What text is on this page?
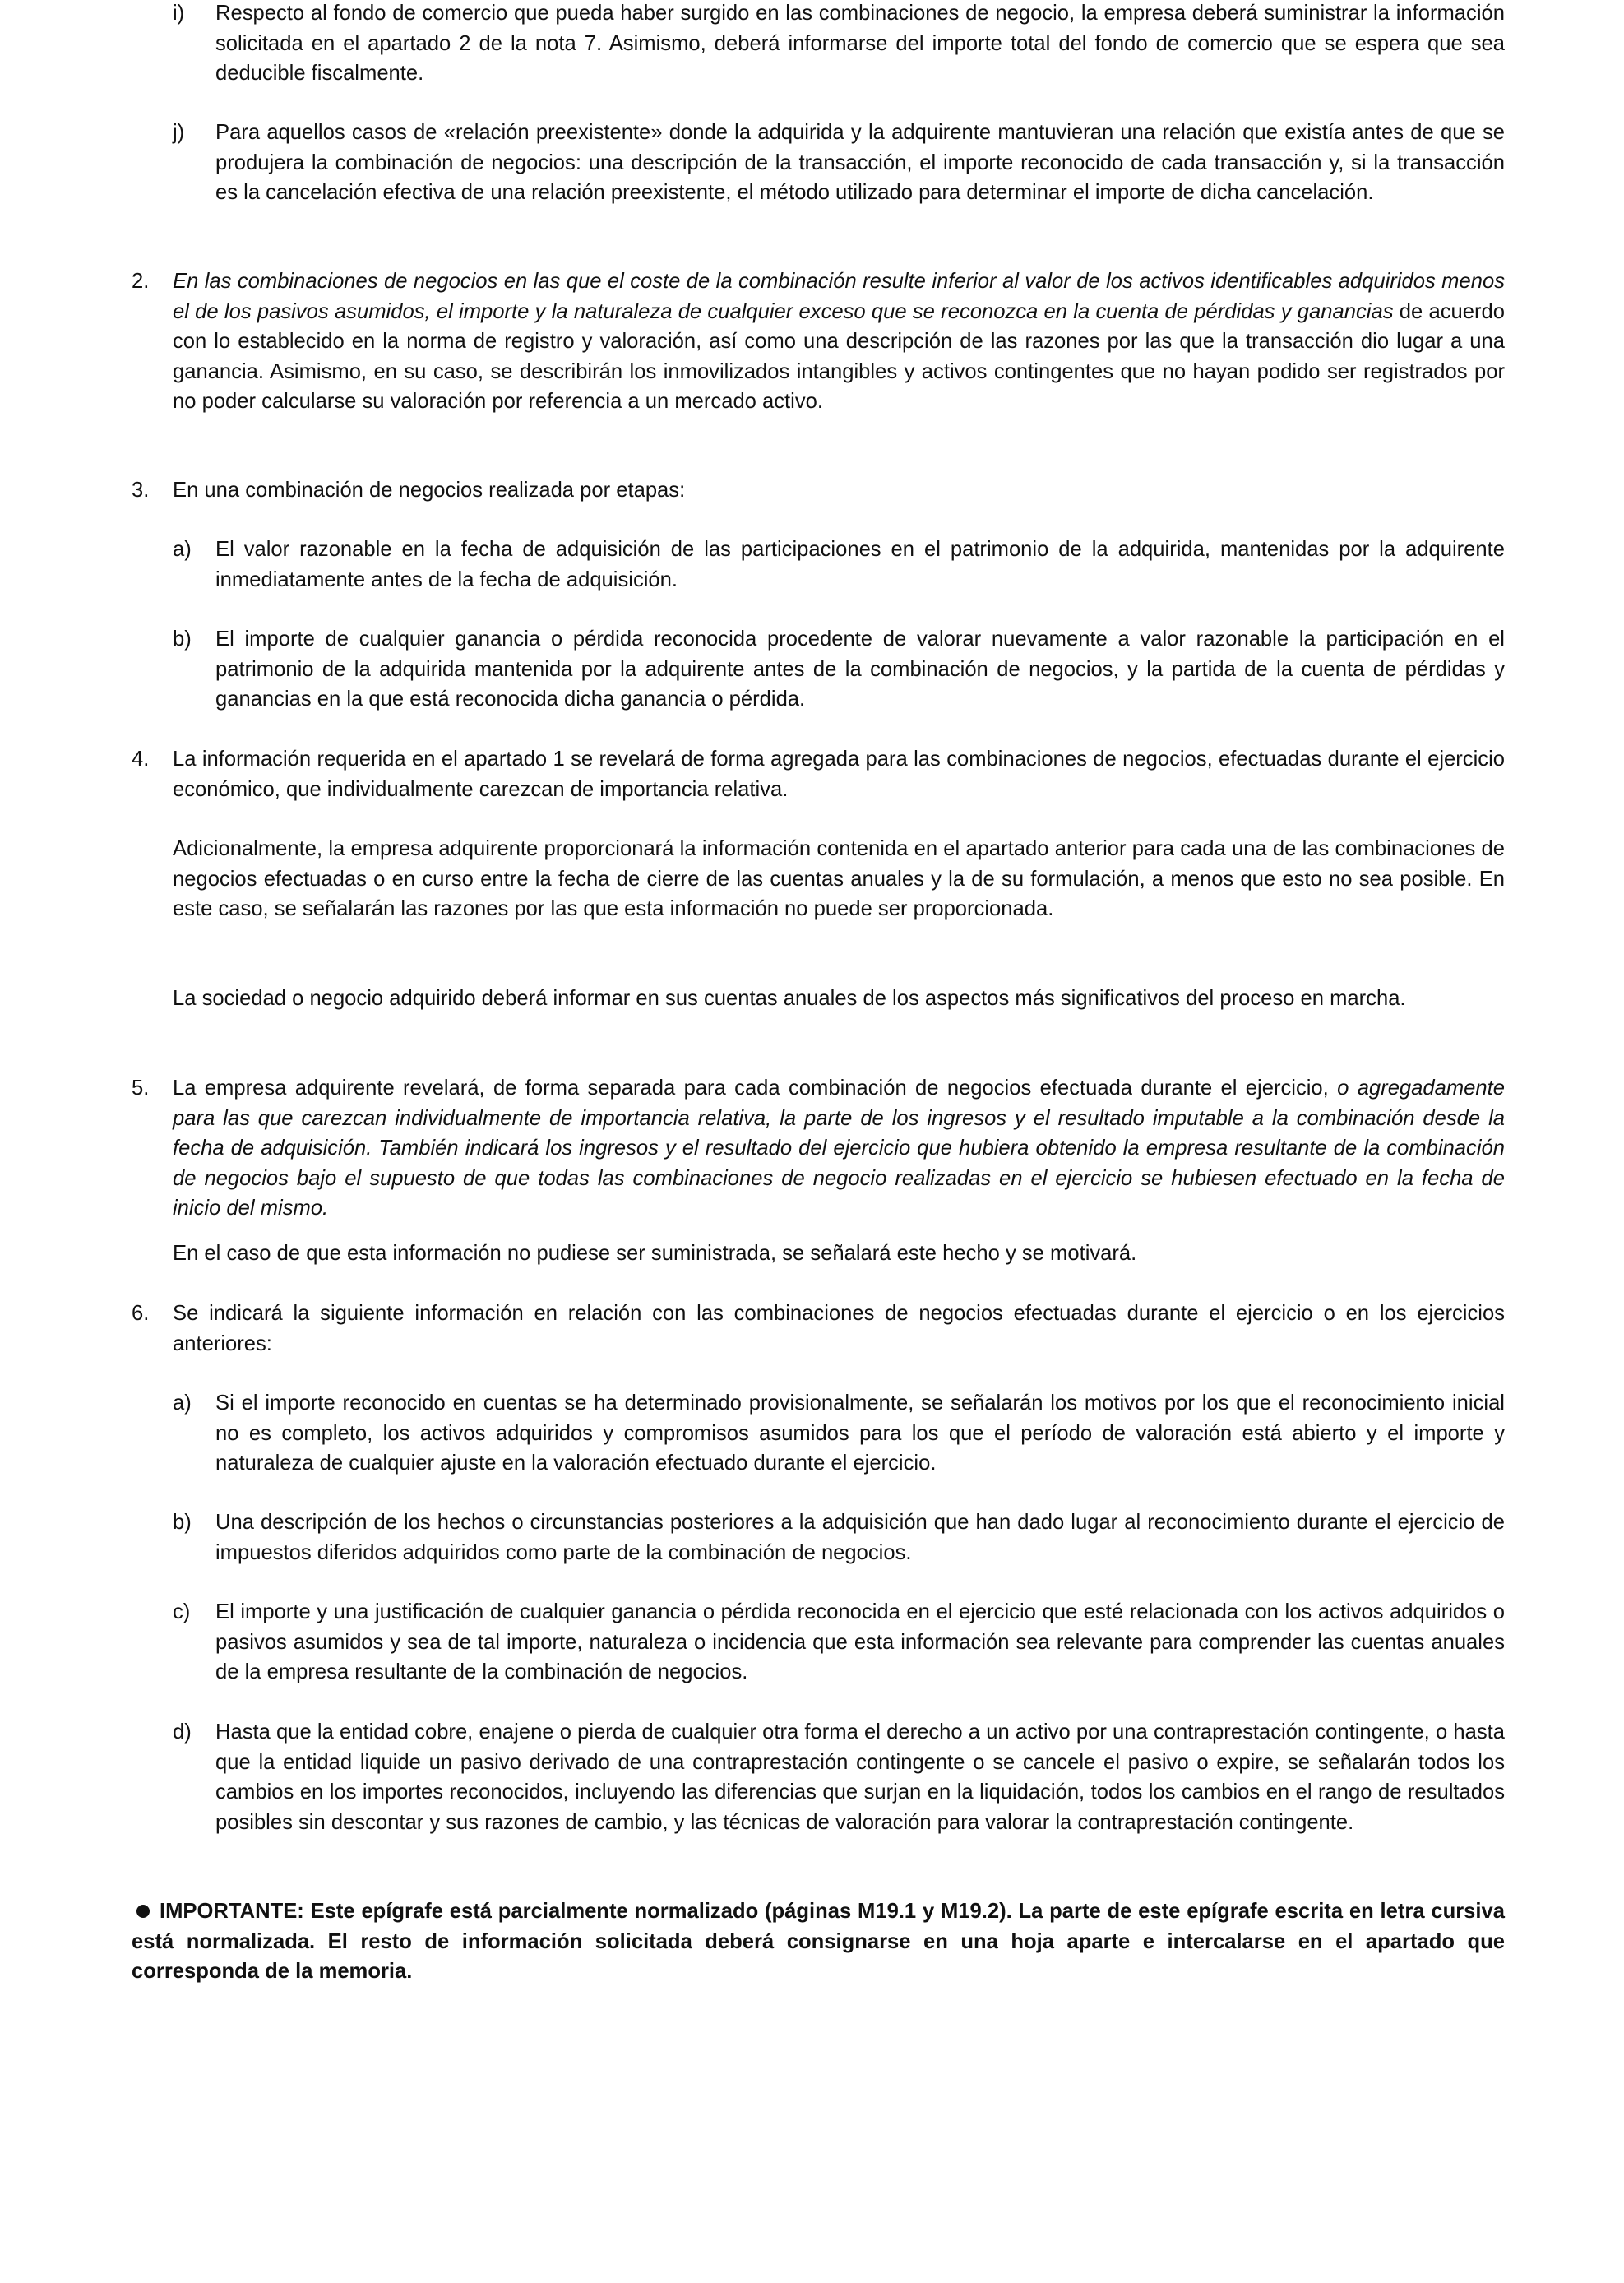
i) Respecto al fondo de comercio que pueda haber surgido en las combinaciones de negocio, la empresa deberá suministrar la información solicitada en el apartado 2 de la nota 7. Asimismo, deberá informarse del importe total del fondo de comercio que se espera que sea deducible fiscalmente.

j) Para aquellos casos de «relación preexistente» donde la adquirida y la adquirente mantuvieran una relación que existía antes de que se produjera la combinación de negocios: una descripción de la transacción, el importe reconocido de cada transacción y, si la transacción es la cancelación efectiva de una relación preexistente, el método utilizado para determinar el importe de dicha cancelación.

2. En las combinaciones de negocios en las que el coste de la combinación resulte inferior al valor de los activos identificables adquiridos menos el de los pasivos asumidos, el importe y la naturaleza de cualquier exceso que se reconozca en la cuenta de pérdidas y ganancias de acuerdo con lo establecido en la norma de registro y valoración, así como una descripción de las razones por las que la transacción dio lugar a una ganancia. Asimismo, en su caso, se describirán los inmovilizados intangibles y activos contingentes que no hayan podido ser registrados por no poder calcularse su valoración por referencia a un mercado activo.

3. En una combinación de negocios realizada por etapas:

a) El valor razonable en la fecha de adquisición de las participaciones en el patrimonio de la adquirida, mantenidas por la adquirente inmediatamente antes de la fecha de adquisición.

b) El importe de cualquier ganancia o pérdida reconocida procedente de valorar nuevamente a valor razonable la participación en el patrimonio de la adquirida mantenida por la adquirente antes de la combinación de negocios, y la partida de la cuenta de pérdidas y ganancias en la que está reconocida dicha ganancia o pérdida.

4. La información requerida en el apartado 1 se revelará de forma agregada para las combinaciones de negocios, efectuadas durante el ejercicio económico, que individualmente carezcan de importancia relativa.

Adicionalmente, la empresa adquirente proporcionará la información contenida en el apartado anterior para cada una de las combinaciones de negocios efectuadas o en curso entre la fecha de cierre de las cuentas anuales y la de su formulación, a menos que esto no sea posible. En este caso, se señalarán las razones por las que esta información no puede ser proporcionada.

La sociedad o negocio adquirido deberá informar en sus cuentas anuales de los aspectos más significativos del proceso en marcha.

5. La empresa adquirente revelará, de forma separada para cada combinación de negocios efectuada durante el ejercicio, o agregadamente para las que carezcan individualmente de importancia relativa, la parte de los ingresos y el resultado imputable a la combinación desde la fecha de adquisición. También indicará los ingresos y el resultado del ejercicio que hubiera obtenido la empresa resultante de la combinación de negocios bajo el supuesto de que todas las combinaciones de negocio realizadas en el ejercicio se hubiesen efectuado en la fecha de inicio del mismo.

En el caso de que esta información no pudiese ser suministrada, se señalará este hecho y se motivará.

6. Se indicará la siguiente información en relación con las combinaciones de negocios efectuadas durante el ejercicio o en los ejercicios anteriores:

a) Si el importe reconocido en cuentas se ha determinado provisionalmente, se señalarán los motivos por los que el reconocimiento inicial no es completo, los activos adquiridos y compromisos asumidos para los que el período de valoración está abierto y el importe y naturaleza de cualquier ajuste en la valoración efectuado durante el ejercicio.

b) Una descripción de los hechos o circunstancias posteriores a la adquisición que han dado lugar al reconocimiento durante el ejercicio de impuestos diferidos adquiridos como parte de la combinación de negocios.

c) El importe y una justificación de cualquier ganancia o pérdida reconocida en el ejercicio que esté relacionada con los activos adquiridos o pasivos asumidos y sea de tal importe, naturaleza o incidencia que esta información sea relevante para comprender las cuentas anuales de la empresa resultante de la combinación de negocios.

d) Hasta que la entidad cobre, enajene o pierda de cualquier otra forma el derecho a un activo por una contraprestación contingente, o hasta que la entidad liquide un pasivo derivado de una contraprestación contingente o se cancele el pasivo o expire, se señalarán todos los cambios en los importes reconocidos, incluyendo las diferencias que surjan en la liquidación, todos los cambios en el rango de resultados posibles sin descontar y sus razones de cambio, y las técnicas de valoración para valorar la contraprestación contingente.

IMPORTANTE: Este epígrafe está parcialmente normalizado (páginas M19.1 y M19.2). La parte de este epígrafe escrita en letra cursiva está normalizada. El resto de información solicitada deberá consignarse en una hoja aparte e intercalarse en el apartado que corresponda de la memoria.
